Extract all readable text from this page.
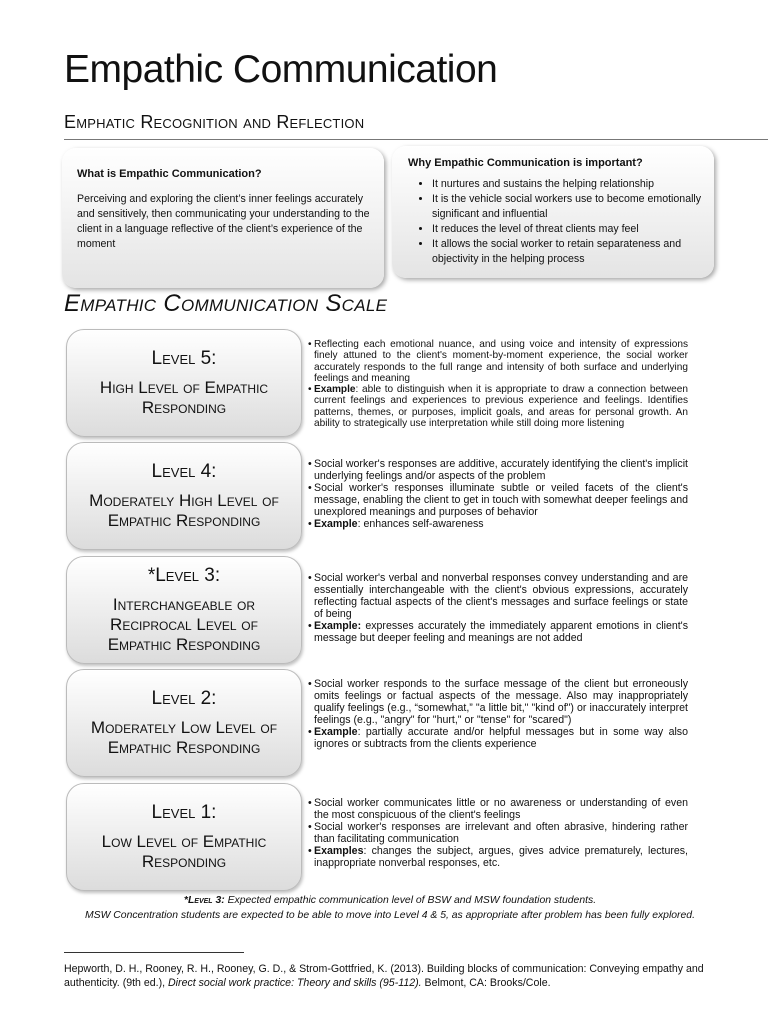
Empathic Communication
Emphatic Recognition and Reflection
What is Empathic Communication?

Perceiving and exploring the client’s inner feelings accurately and sensitively, then communicating your understanding to the client in a language reflective of the client’s experience of the moment

Why Empathic Communication is important?
• It nurtures and sustains the helping relationship
• It is the vehicle social workers use to become emotionally significant and influential
• It reduces the level of threat clients may feel
• It allows the social worker to retain separateness and objectivity in the helping process
Empathic Communication Scale
Level 5:
High Level of Empathic Responding
• Reflecting each emotional nuance, and using voice and intensity of expressions finely attuned to the client's moment-by-moment experience, the social worker accurately responds to the full range and intensity of both surface and underlying feelings and meaning
• Example: able to distinguish when it is appropriate to draw a connection between current feelings and experiences to previous experience and feelings. Identifies patterns, themes, or purposes, implicit goals, and areas for personal growth. An ability to strategically use interpretation while still doing more listening
Level 4:
Moderately High Level of Empathic Responding
• Social worker's responses are additive, accurately identifying the client's implicit underlying feelings and/or aspects of the problem
• Social worker's responses illuminate subtle or veiled facets of the client's message, enabling the client to get in touch with somewhat deeper feelings and unexplored meanings and purposes of behavior
• Example: enhances self-awareness
*Level 3:
Interchangeable or Reciprocal Level of Empathic Responding
• Social worker's verbal and nonverbal responses convey understanding and are essentially interchangeable with the client's obvious expressions, accurately reflecting factual aspects of the client's messages and surface feelings or state of being
• Example: expresses accurately the immediately apparent emotions in client's message but deeper feeling and meanings are not added
Level 2:
Moderately Low Level of Empathic Responding
• Social worker responds to the surface message of the client but erroneously omits feelings or factual aspects of the message. Also may inappropriately qualify feelings (e.g., “somewhat,” "a little bit," "kind of") or inaccurately interpret feelings (e.g., "angry" for "hurt," or "tense" for "scared")
• Example: partially accurate and/or helpful messages but in some way also ignores or subtracts from the clients experience
Level 1:
Low Level of Empathic Responding
• Social worker communicates little or no awareness or understanding of even the most conspicuous of the client's feelings
• Social worker's responses are irrelevant and often abrasive, hindering rather than facilitating communication
• Examples: changes the subject, argues, gives advice prematurely, lectures, inappropriate nonverbal responses, etc.
*Level 3: Expected empathic communication level of BSW and MSW foundation students.
MSW Concentration students are expected to be able to move into Level 4 & 5, as appropriate after problem has been fully explored.
Hepworth, D. H., Rooney, R. H., Rooney, G. D., & Strom-Gottfried, K. (2013). Building blocks of communication: Conveying empathy and authenticity. (9th ed.), Direct social work practice: Theory and skills (95-112). Belmont, CA: Brooks/Cole.
